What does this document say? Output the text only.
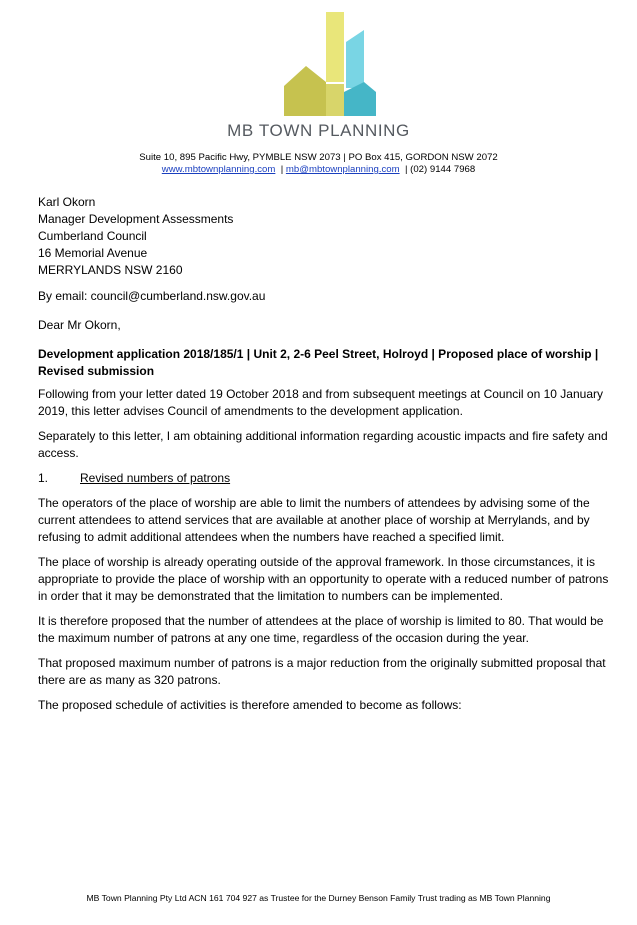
MB TOWN PLANNING
Suite 10, 895 Pacific Hwy, PYMBLE NSW 2073 | PO Box 415, GORDON NSW 2072
www.mbtownplanning.com | mb@mbtownplanning.com | (02) 9144 7968

Karl Okorn

Manager Development Assessments

Cumberland Council

16 Memorial Avenue

MERRYLANDS NSW 2160

By email: council@cumberland.nsw.gov.au

Dear Mr Okorn,

Development application 2018/185/1 | Unit 2, 2-6 Peel Street, Holroyd | Proposed place of worship | Revised submission

Following from your letter dated 19 October 2018 and from subsequent meetings at Council on 10 January 2019, this letter advises Council of amendments to the development application.

Separately to this letter, I am obtaining additional information regarding acoustic impacts and fire safety and access.

1.	Revised numbers of patrons

The operators of the place of worship are able to limit the numbers of attendees by advising some of the current attendees to attend services that are available at another place of worship at Merrylands, and by refusing to admit additional attendees when the numbers have reached a specified limit.

The place of worship is already operating outside of the approval framework. In those circumstances, it is appropriate to provide the place of worship with an opportunity to operate with a reduced number of patrons in order that it may be demonstrated that the limitation to numbers can be implemented.

It is therefore proposed that the number of attendees at the place of worship is limited to 80. That would be the maximum number of patrons at any one time, regardless of the occasion during the year.

That proposed maximum number of patrons is a major reduction from the originally submitted proposal that there are as many as 320 patrons.

The proposed schedule of activities is therefore amended to become as follows:

MB Town Planning Pty Ltd ACN 161 704 927 as Trustee for the Durney Benson Family Trust trading as MB Town Planning
